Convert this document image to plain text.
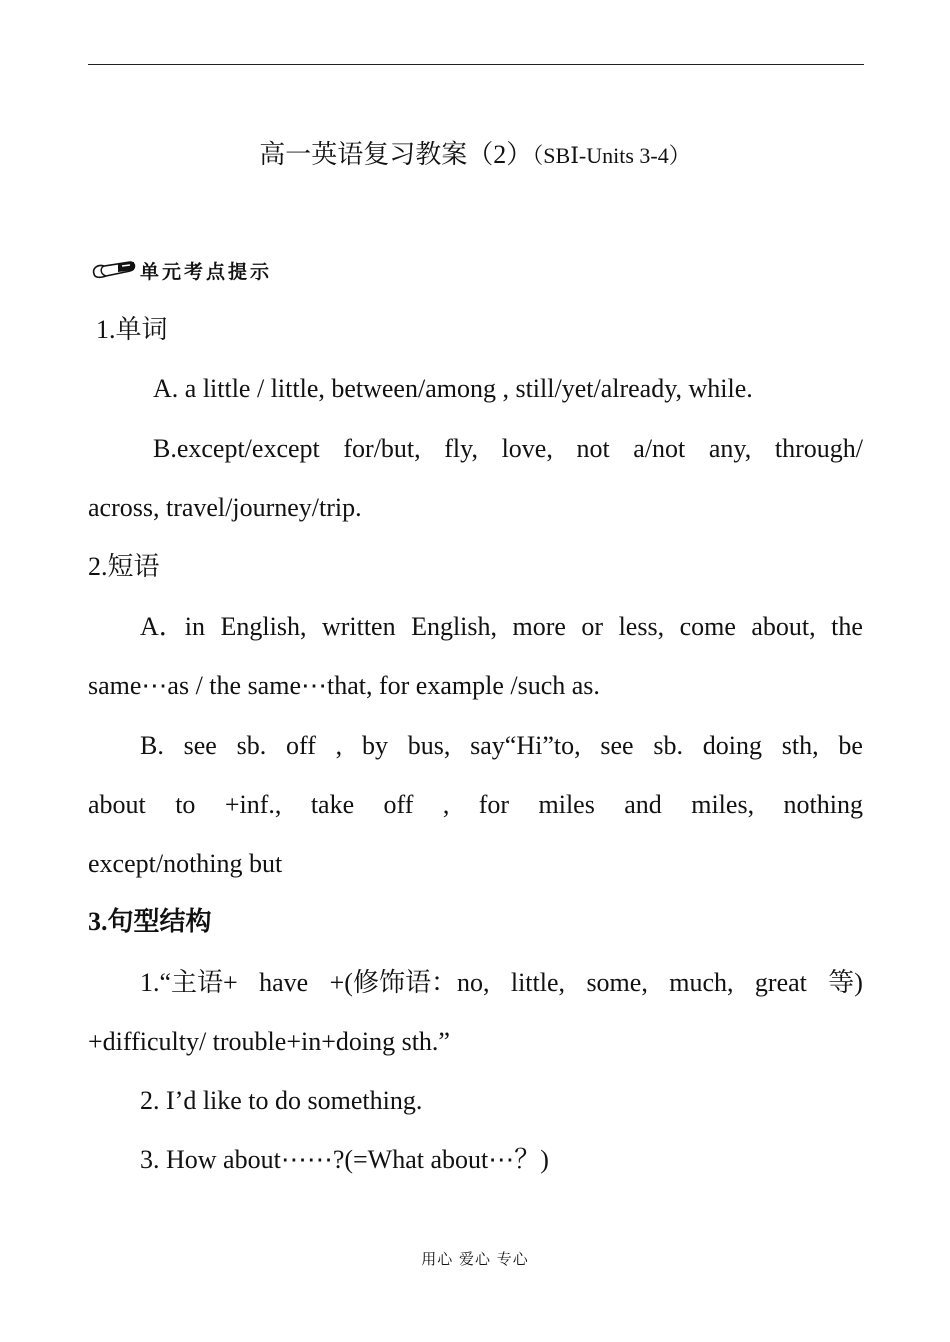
高一英语复习教案（2）（SBⅠ-Units 3-4）
单元考点提示
1.单词
A. a little / little, between/among , still/yet/already, while.
B.except/except for/but, fly, love, not a/not any, through/
across, travel/journey/trip.
2.短语
A．in English, written English, more or less, come about, the
same⋯as / the same⋯that, for example /such as.
B. see sb. off , by bus, say“Hi”to, see sb. doing sth, be
about to +inf., take off , for miles and miles, nothing
except/nothing but
3.句型结构
1.“主语+ have +(修饰语：no, little, some, much, great 等)
+difficulty/ trouble+in+doing sth.”
2. I’d like to do something.
3. How about⋯⋯?(=What about⋯？)
用心 爱心 专心
